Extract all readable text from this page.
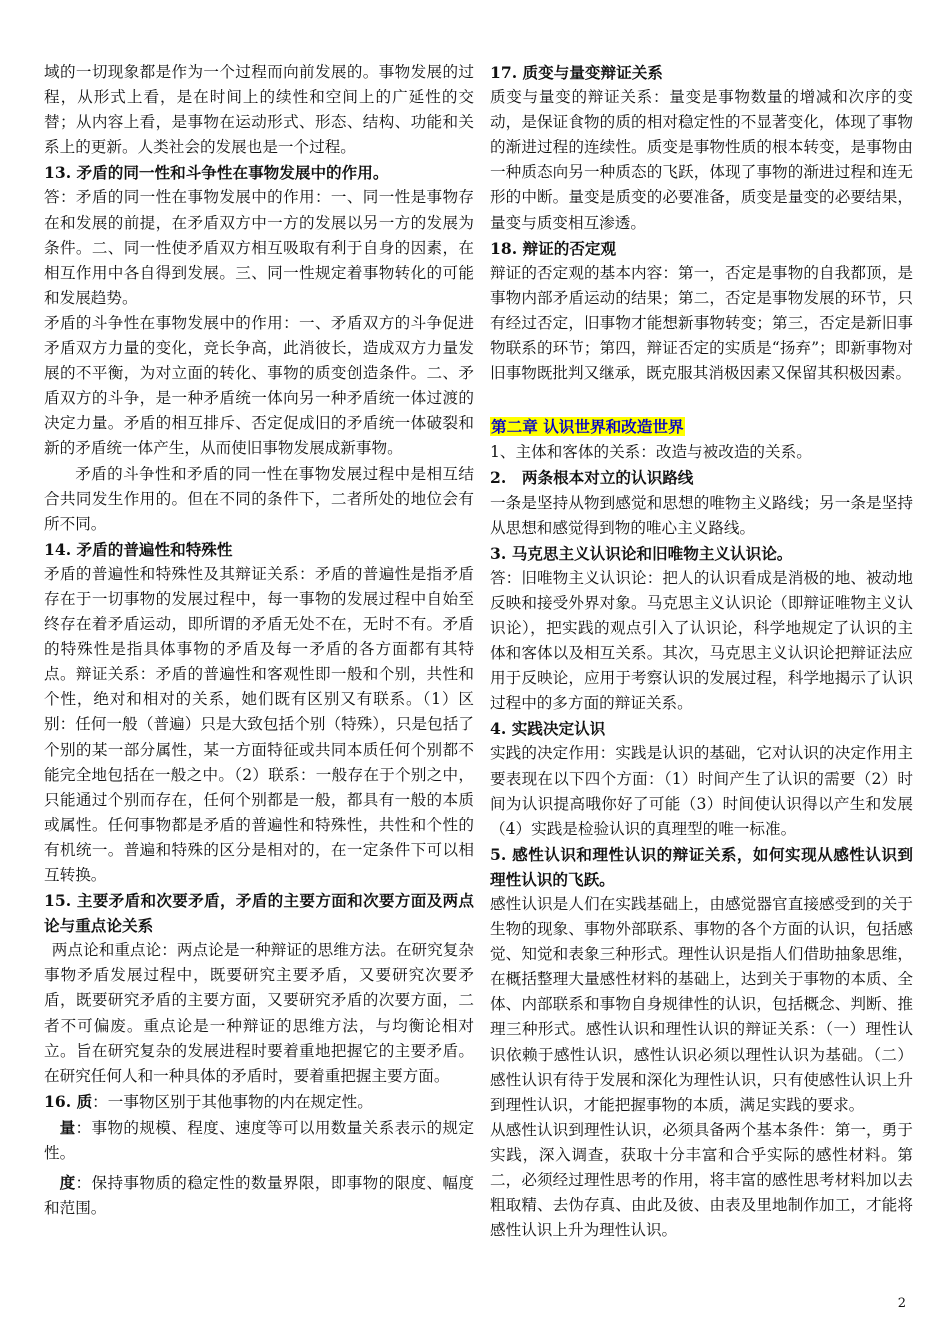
域的一切现象都是作为一个过程而向前发展的。事物发展的过程，从形式上看，是在时间上的续性和空间上的广延性的交替；从内容上看，是事物在运动形式、形态、结构、功能和关系上的更新。人类社会的发展也是一个过程。

13. 矛盾的同一性和斗争性在事物发展中的作用。

答：矛盾的同一性在事物发展中的作用：一、同一性是事物存在和发展的前提，在矛盾双方中一方的发展以另一方的发展为条件。二、同一性使矛盾双方相互吸取有利于自身的因素，在相互作用中各自得到发展。三、同一性规定着事物转化的可能和发展趋势。

矛盾的斗争性在事物发展中的作用：一、矛盾双方的斗争促进矛盾双方力量的变化，竞长争高，此消彼长，造成双方力量发展的不平衡，为对立面的转化、事物的质变创造条件。二、矛盾双方的斗争，是一种矛盾统一体向另一种矛盾统一体过渡的决定力量。矛盾的相互排斥、否定促成旧的矛盾统一体破裂和新的矛盾统一体产生，从而使旧事物发展成新事物。

矛盾的斗争性和矛盾的同一性在事物发展过程中是相互结合共同发生作用的。但在不同的条件下，二者所处的地位会有所不同。

14. 矛盾的普遍性和特殊性

矛盾的普遍性和特殊性及其辩证关系：矛盾的普遍性是指矛盾存在于一切事物的发展过程中，每一事物的发展过程中自始至终存在着矛盾运动，即所谓的矛盾无处不在，无时不有。矛盾的特殊性是指具体事物的矛盾及每一矛盾的各方面都有其特点。辩证关系：矛盾的普遍性和客观性即一般和个别，共性和个性，绝对和相对的关系，她们既有区别又有联系。（1）区别：任何一般（普遍）只是大致包括个别（特殊），只是包括了个别的某一部分属性，某一方面特征或共同本质任何个别都不能完全地包括在一般之中。（2）联系：一般存在于个别之中，只能通过个别而存在，任何个别都是一般，都具有一般的本质或属性。任何事物都是矛盾的普遍性和特殊性，共性和个性的有机统一。普遍和特殊的区分是相对的，在一定条件下可以相互转换。

15. 主要矛盾和次要矛盾，矛盾的主要方面和次要方面及两点论与重点论关系

两点论和重点论：两点论是一种辩证的思维方法。在研究复杂事物矛盾发展过程中，既要研究主要矛盾，又要研究次要矛盾，既要研究矛盾的主要方面，又要研究矛盾的次要方面，二者不可偏废。重点论是一种辩证的思维方法，与均衡论相对立。旨在研究复杂的发展进程时要着重地把握它的主要矛盾。在研究任何人和一种具体的矛盾时，要着重把握主要方面。

16. 质：一事物区别于其他事物的内在规定性。

量：事物的规模、程度、速度等可以用数量关系表示的规定性。

度：保持事物质的稳定性的数量界限，即事物的限度、幅度和范围。

17. 质变与量变辩证关系

质变与量变的辩证关系：量变是事物数量的增减和次序的变动，是保证食物的质的相对稳定性的不显著变化，体现了事物的渐进过程的连续性。质变是事物性质的根本转变，是事物由一种质态向另一种质态的飞跃，体现了事物的渐进过程和连无形的中断。量变是质变的必要准备，质变是量变的必要结果，量变与质变相互渗透。

18. 辩证的否定观

辩证的否定观的基本内容：第一，否定是事物的自我都顶，是事物内部矛盾运动的结果；第二，否定是事物发展的环节，只有经过否定，旧事物才能想新事物转变；第三，否定是新旧事物联系的环节；第四，辩证否定的实质是“扬弃”；即新事物对旧事物既批判又继承，既克服其消极因素又保留其积极因素。

第二章 认识世界和改造世界

1、主体和客体的关系：改造与被改造的关系。

2.　两条根本对立的认识路线

一条是坚持从物到感觉和思想的唯物主义路线；另一条是坚持从思想和感觉得到物的唯心主义路线。

3. 马克思主义认识论和旧唯物主义认识论。

答：旧唯物主义认识论：把人的认识看成是消极的地、被动地反映和接受外界对象。马克思主义认识论（即辩证唯物主义认识论），把实践的观点引入了认识论，科学地规定了认识的主体和客体以及相互关系。其次，马克思主义认识论把辩证法应用于反映论，应用于考察认识的发展过程，科学地揭示了认识过程中的多方面的辩证关系。

4. 实践决定认识

实践的决定作用：实践是认识的基础，它对认识的决定作用主要表现在以下四个方面：（1）时间产生了认识的需要（2）时间为认识提高哦你好了可能（3）时间使认识得以产生和发展（4）实践是检验认识的真理型的唯一标准。

5. 感性认识和理性认识的辩证关系，如何实现从感性认识到理性认识的飞跃。

感性认识是人们在实践基础上，由感觉器官直接感受到的关于生物的现象、事物外部联系、事物的各个方面的认识，包括感觉、知觉和表象三种形式。理性认识是指人们借助抽象思维，在概括整理大量感性材料的基础上，达到关于事物的本质、全体、内部联系和事物自身规律性的认识，包括概念、判断、推理三种形式。感性认识和理性认识的辩证关系：（一）理性认识依赖于感性认识，感性认识必须以理性认识为基础。（二）感性认识有待于发展和深化为理性认识，只有使感性认识上升到理性认识，才能把握事物的本质，满足实践的要求。

从感性认识到理性认识，必须具备两个基本条件：第一，勇于实践，深入调查，获取十分丰富和合乎实际的感性材料。第二，必须经过理性思考的作用，将丰富的感性思考材料加以去粗取精、去伪存真、由此及彼、由表及里地制作加工，才能将感性认识上升为理性认识。

2
